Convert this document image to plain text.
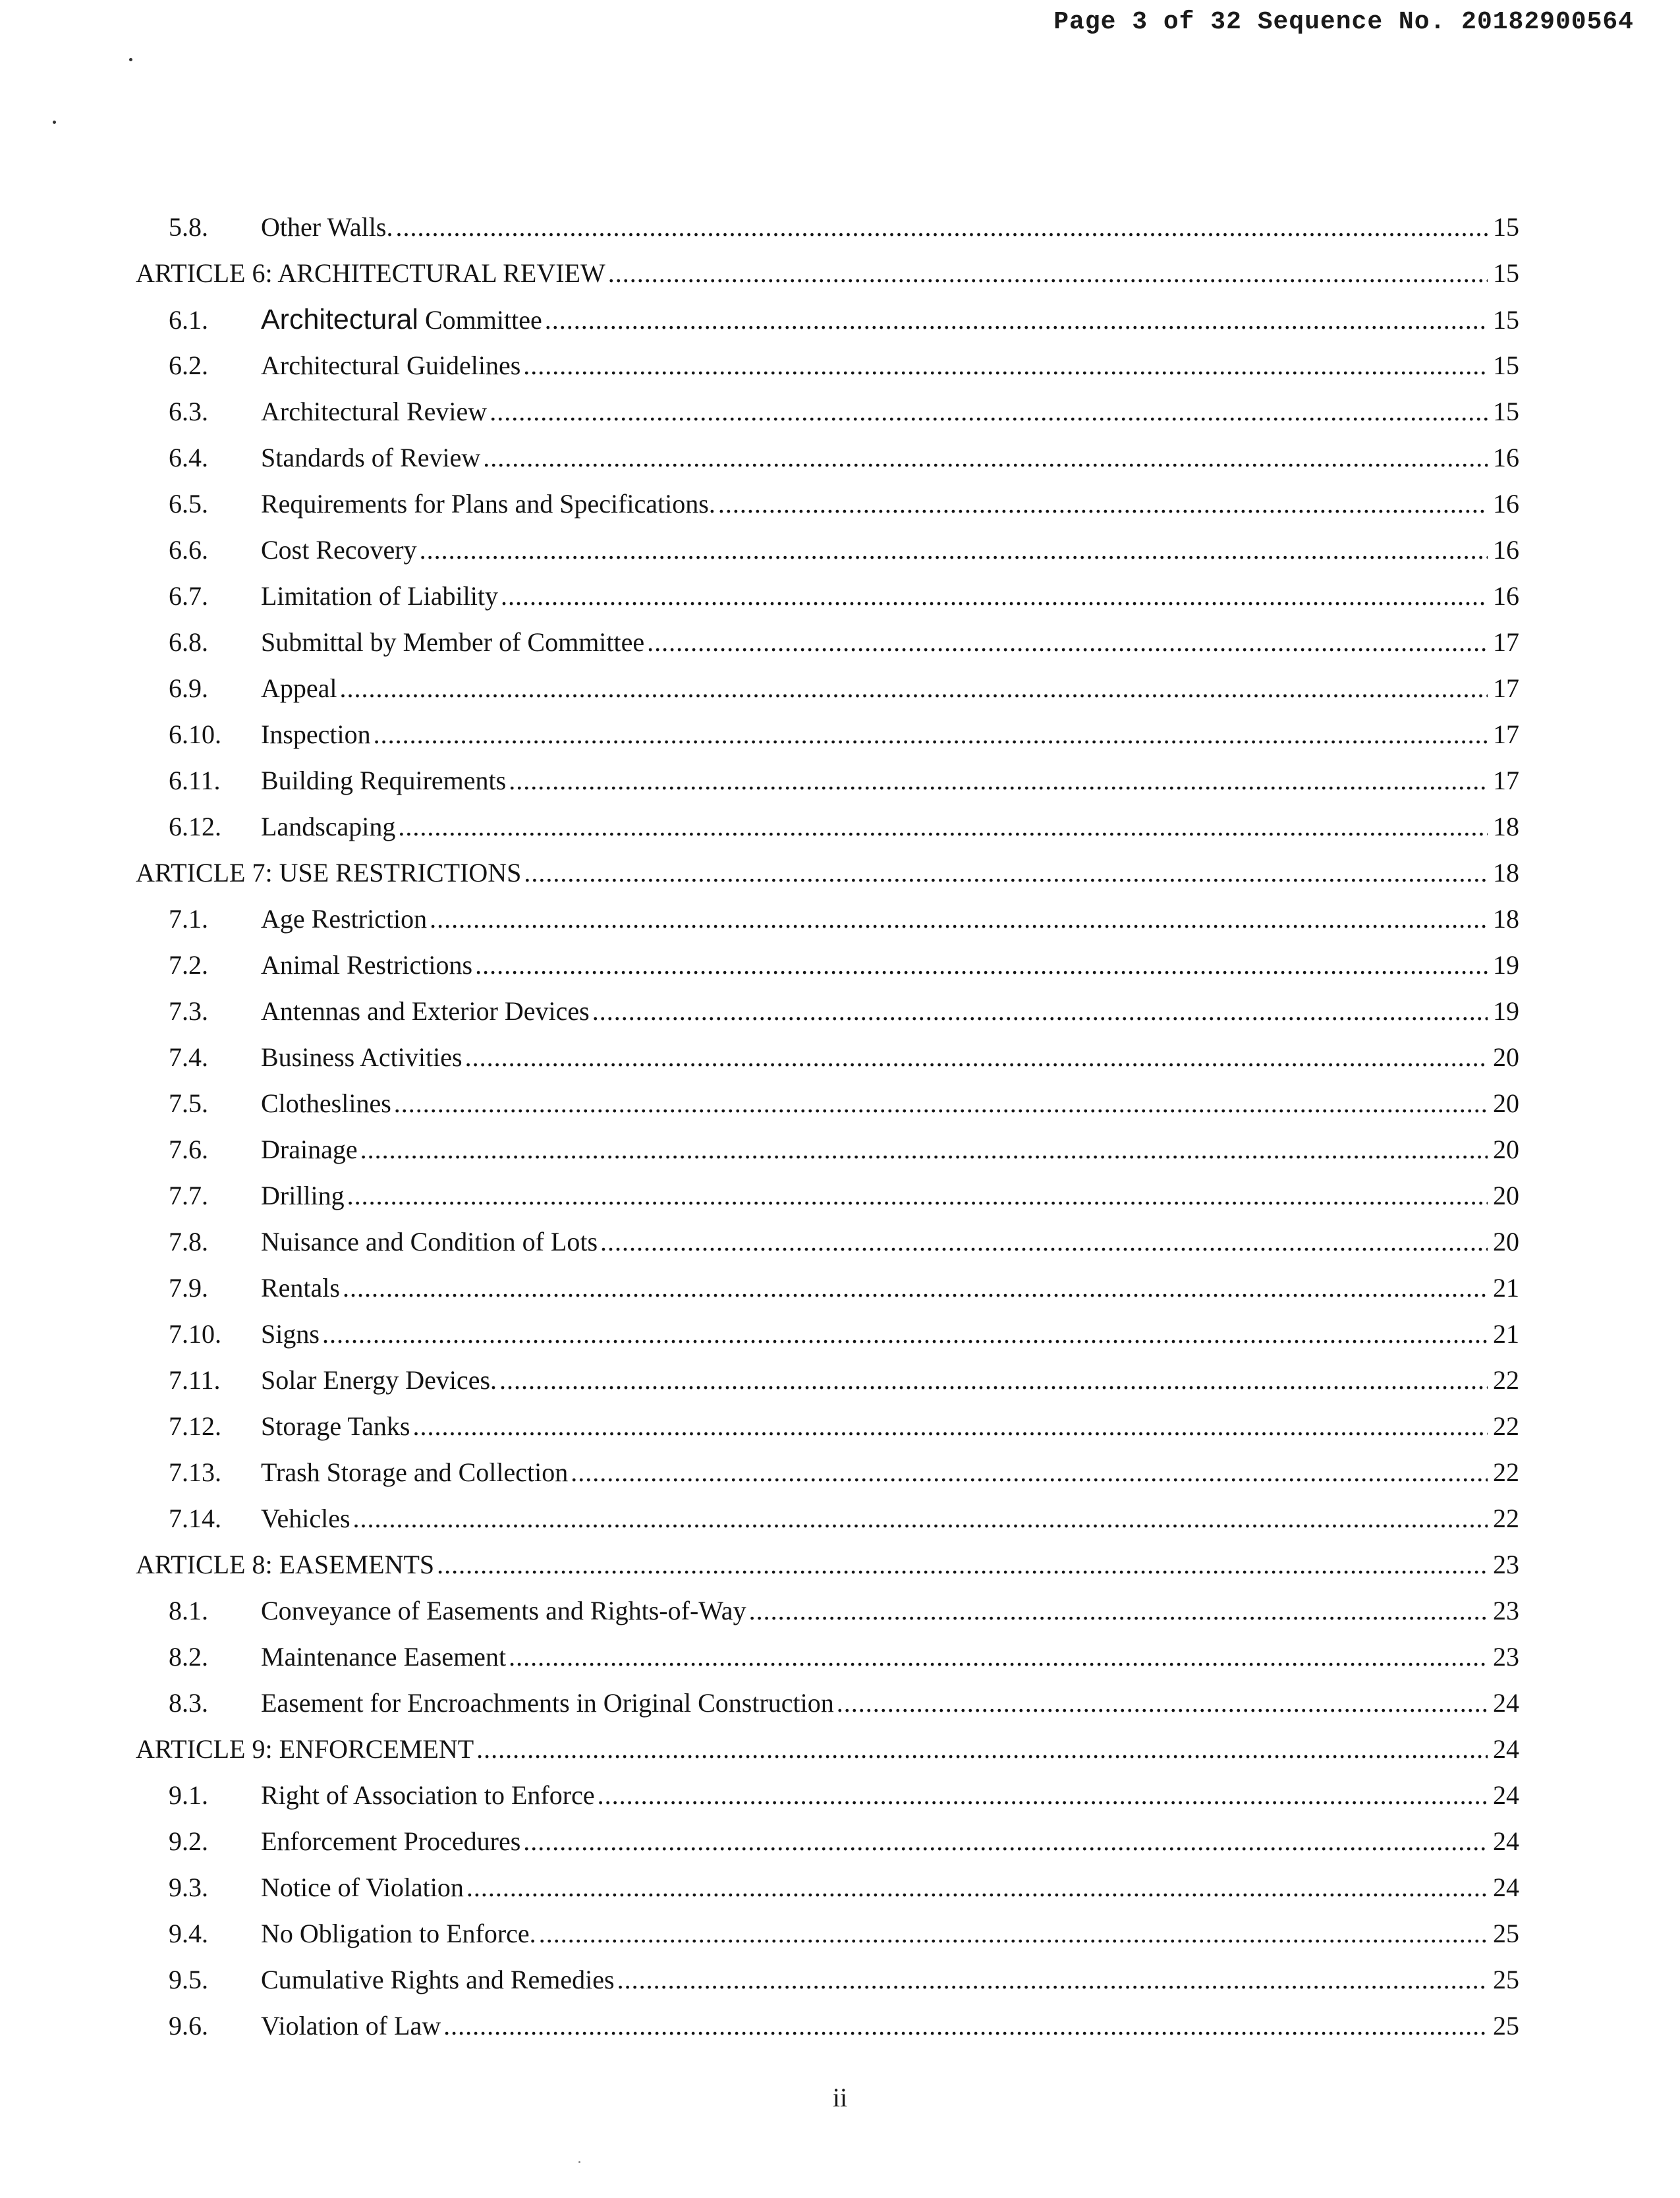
Page 3 of 32 Sequence No. 20182900564
5.8.	Other Walls. .....	15
ARTICLE 6: ARCHITECTURAL REVIEW .....	15
6.1.	Architectural Committee .....	15
6.2.	Architectural Guidelines .....	15
6.3.	Architectural Review .....	15
6.4.	Standards of Review .....	16
6.5.	Requirements for Plans and Specifications. .....	16
6.6.	Cost Recovery .....	16
6.7.	Limitation of Liability .....	16
6.8.	Submittal by Member of Committee .....	17
6.9.	Appeal .....	17
6.10.	Inspection .....	17
6.11.	Building Requirements .....	17
6.12.	Landscaping .....	18
ARTICLE 7: USE RESTRICTIONS .....	18
7.1.	Age Restriction .....	18
7.2.	Animal Restrictions .....	19
7.3.	Antennas and Exterior Devices .....	19
7.4.	Business Activities .....	20
7.5.	Clotheslines .....	20
7.6.	Drainage .....	20
7.7.	Drilling .....	20
7.8.	Nuisance and Condition of Lots .....	20
7.9.	Rentals .....	21
7.10.	Signs .....	21
7.11.	Solar Energy Devices. .....	22
7.12.	Storage Tanks .....	22
7.13.	Trash Storage and Collection .....	22
7.14.	Vehicles .....	22
ARTICLE 8: EASEMENTS .....	23
8.1.	Conveyance of Easements and Rights-of-Way .....	23
8.2.	Maintenance Easement .....	23
8.3.	Easement for Encroachments in Original Construction .....	24
ARTICLE 9: ENFORCEMENT .....	24
9.1.	Right of Association to Enforce .....	24
9.2.	Enforcement Procedures .....	24
9.3.	Notice of Violation .....	24
9.4.	No Obligation to Enforce. .....	25
9.5.	Cumulative Rights and Remedies .....	25
9.6.	Violation of Law .....	25
ii
